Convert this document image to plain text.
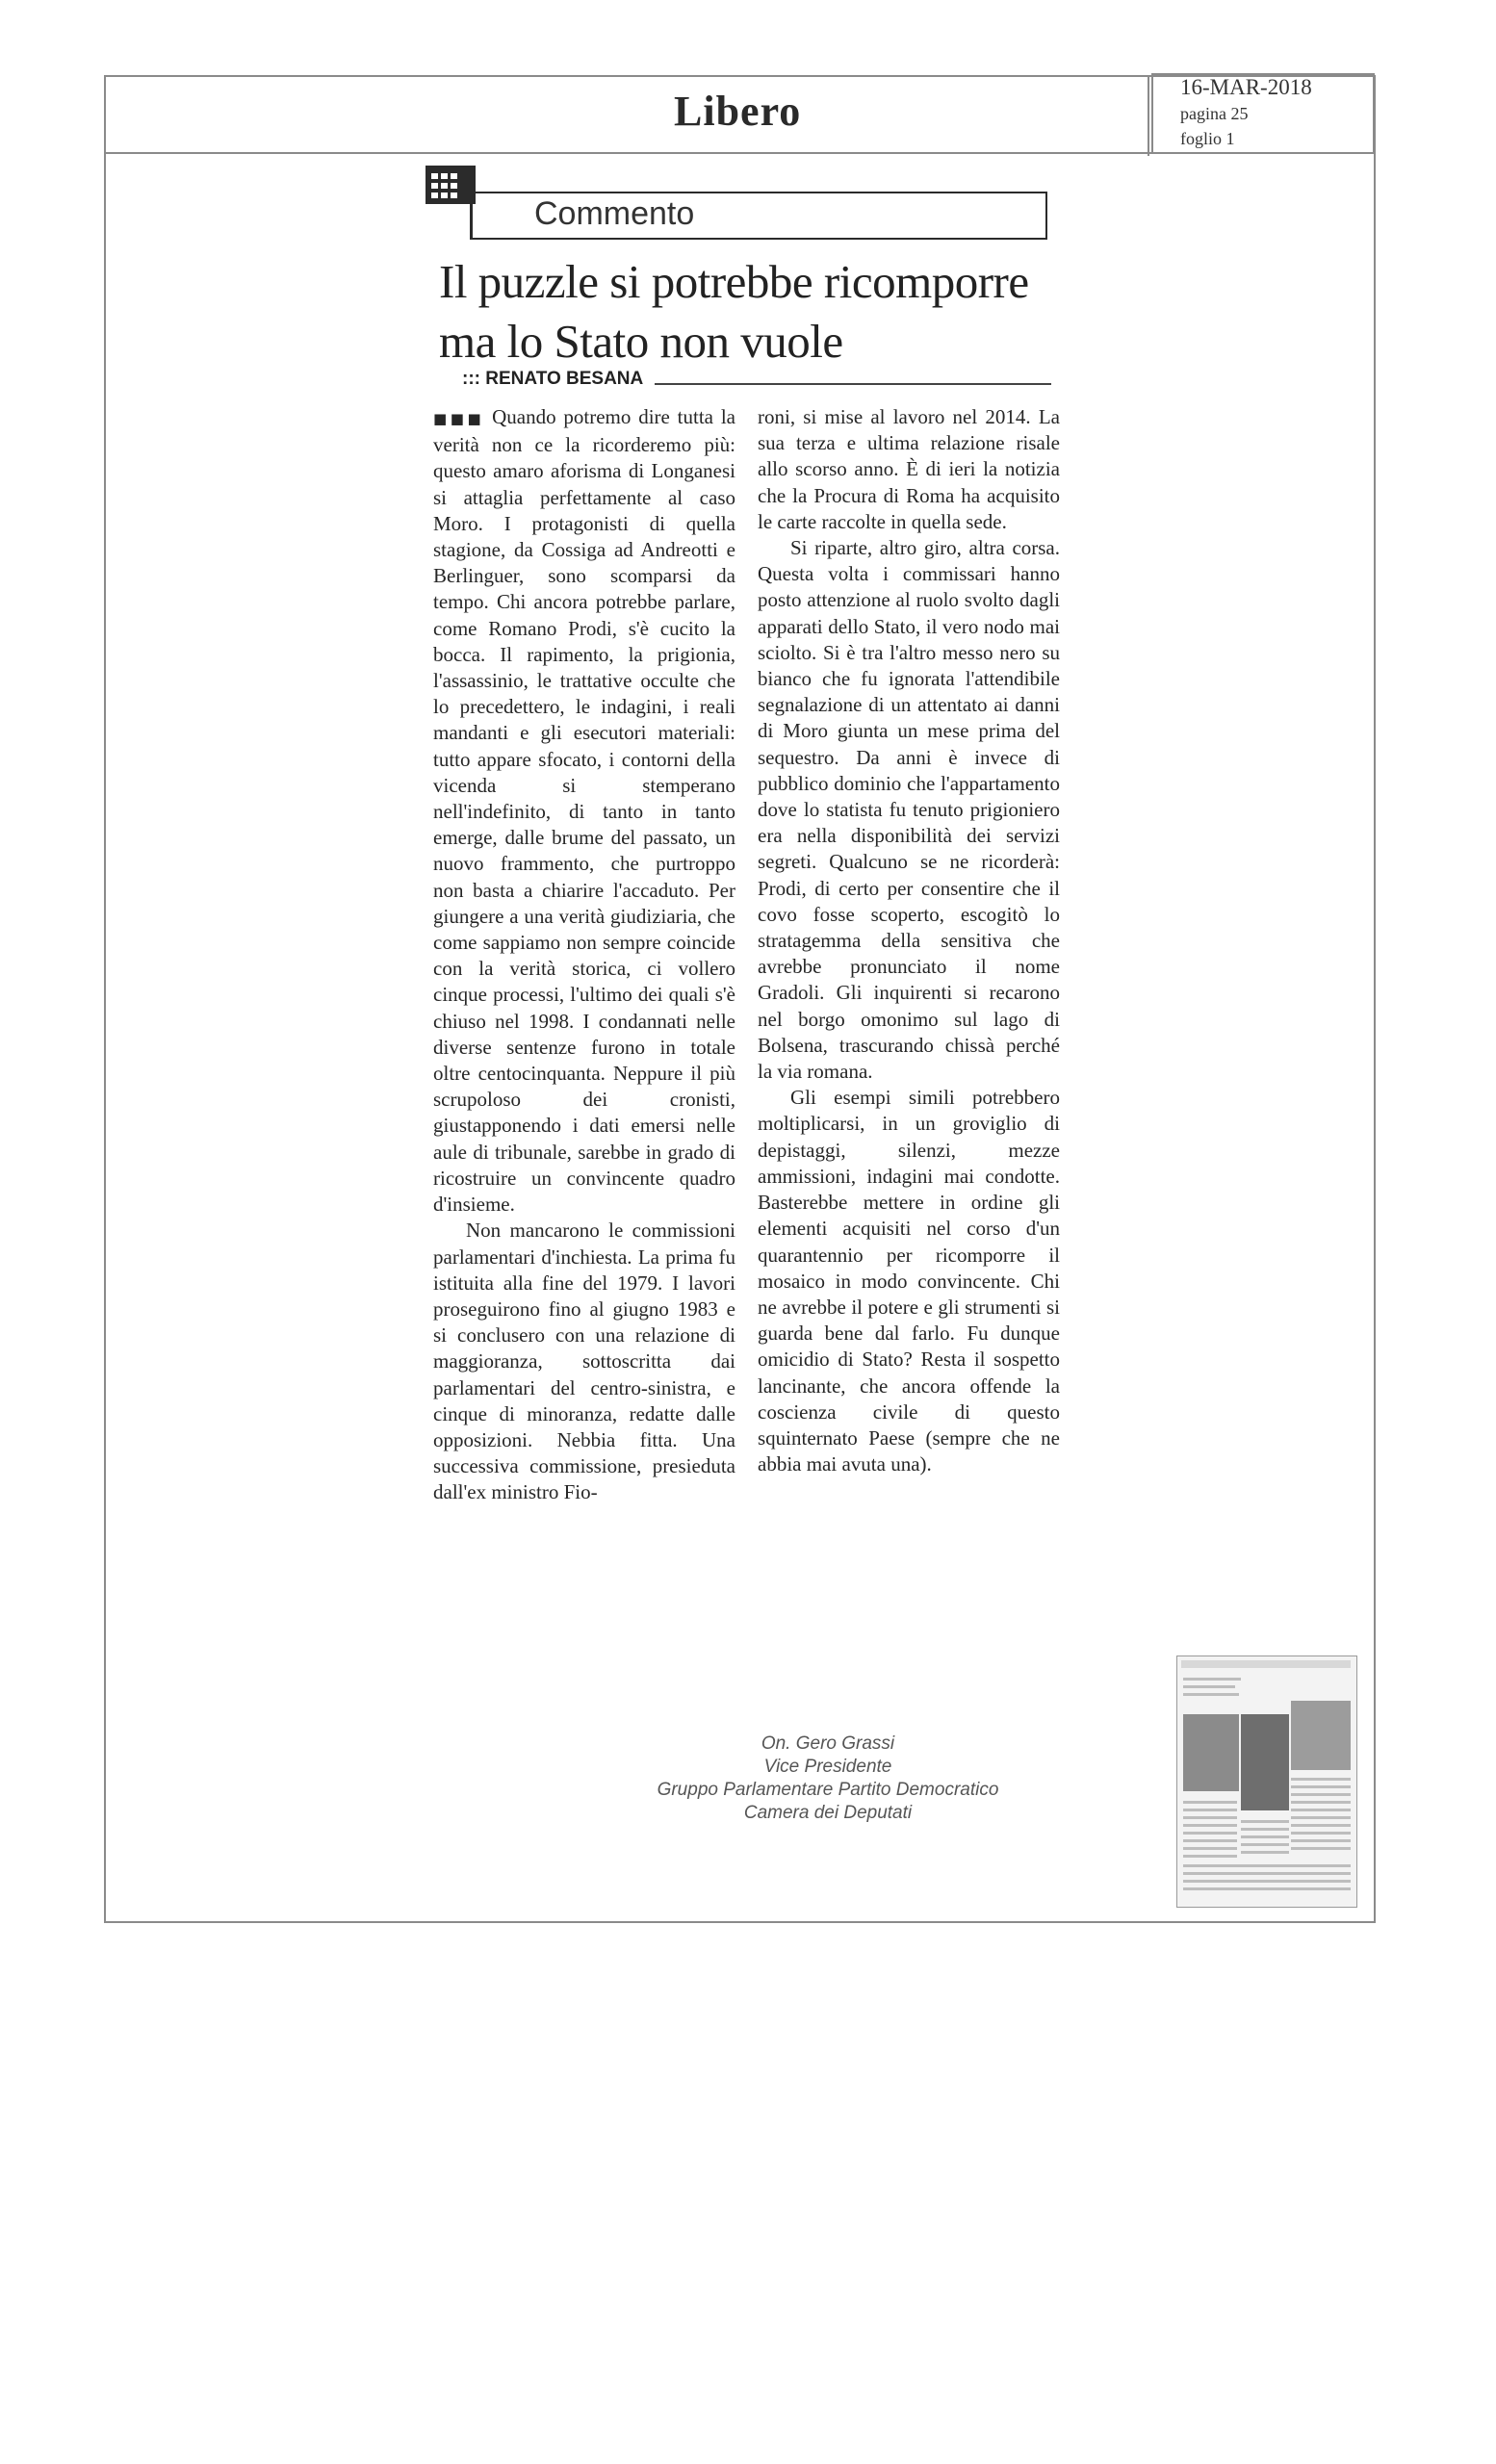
Libero
16-MAR-2018
pagina 25
foglio 1
Commento
Il puzzle si potrebbe ricomporre
ma lo Stato non vuole
::: RENATO BESANA

■■■ Quando potremo dire tutta la verità non ce la ricorderemo più: questo amaro aforisma di Longanesi si attaglia perfettamente al caso Moro. I protagonisti di quella stagione, da Cossiga ad Andreotti e Berlinguer, sono scomparsi da tempo. Chi ancora potrebbe parlare, come Romano Prodi, s'è cucito la bocca. Il rapimento, la prigionia, l'assassinio, le trattative occulte che lo precedettero, le indagini, i reali mandanti e gli esecutori materiali: tutto appare sfocato, i contorni della vicenda si stemperano nell'indefinito, di tanto in tanto emerge, dalle brume del passato, un nuovo frammento, che purtroppo non basta a chiarire l'accaduto. Per giungere a una verità giudiziaria, che come sappiamo non sempre coincide con la verità storica, ci vollero cinque processi, l'ultimo dei quali s'è chiuso nel 1998. I condannati nelle diverse sentenze furono in totale oltre centocinquanta. Neppure il più scrupoloso dei cronisti, giustapponendo i dati emersi nelle aule di tribunale, sarebbe in grado di ricostruire un convincente quadro d'insieme.

Non mancarono le commissioni parlamentari d'inchiesta. La prima fu istituita alla fine del 1979. I lavori proseguirono fino al giugno 1983 e si conclusero con una relazione di maggioranza, sottoscritta dai parlamentari del centro-sinistra, e cinque di minoranza, redatte dalle opposizioni. Nebbia fitta. Una successiva commissione, presieduta dall'ex ministro Fio-

roni, si mise al lavoro nel 2014. La sua terza e ultima relazione risale allo scorso anno. È di ieri la notizia che la Procura di Roma ha acquisito le carte raccolte in quella sede.

Si riparte, altro giro, altra corsa. Questa volta i commissari hanno posto attenzione al ruolo svolto dagli apparati dello Stato, il vero nodo mai sciolto. Si è tra l'altro messo nero su bianco che fu ignorata l'attendibile segnalazione di un attentato ai danni di Moro giunta un mese prima del sequestro. Da anni è invece di pubblico dominio che l'appartamento dove lo statista fu tenuto prigioniero era nella disponibilità dei servizi segreti. Qualcuno se ne ricorderà: Prodi, di certo per consentire che il covo fosse scoperto, escogitò lo stratagemma della sensitiva che avrebbe pronunciato il nome Gradoli. Gli inquirenti si recarono nel borgo omonimo sul lago di Bolsena, trascurando chissà perché la via romana.

Gli esempi simili potrebbero moltiplicarsi, in un groviglio di depistaggi, silenzi, mezze ammissioni, indagini mai condotte. Basterebbe mettere in ordine gli elementi acquisiti nel corso d'un quarantennio per ricomporre il mosaico in modo convincente. Chi ne avrebbe il potere e gli strumenti si guarda bene dal farlo. Fu dunque omicidio di Stato? Resta il sospetto lancinante, che ancora offende la coscienza civile di questo squinternato Paese (sempre che ne abbia mai avuta una).

On. Gero Grassi
Vice Presidente
Gruppo Parlamentare Partito Democratico
Camera dei Deputati
